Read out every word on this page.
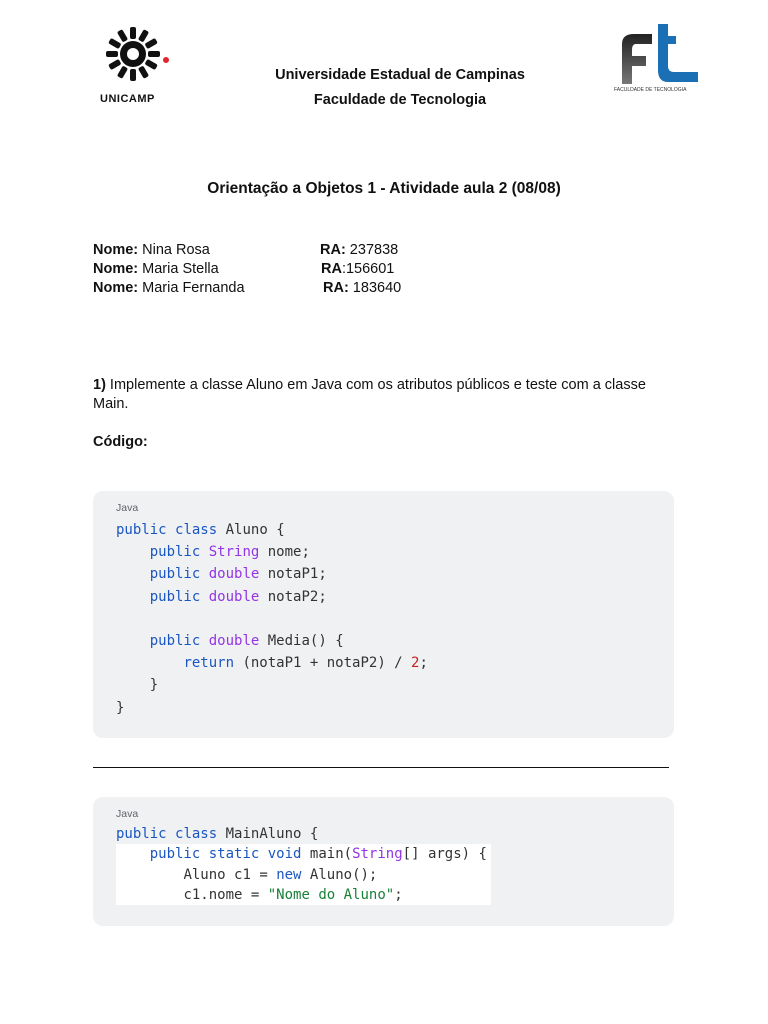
UNICAMP
Universidade Estadual de Campinas
Faculdade de Tecnologia
FACULDADE DE TECNOLOGIA
Orientação a Objetos 1 - Atividade aula 2 (08/08)
Nome: Nina Rosa	RA: 237838
Nome: Maria Stella	RA:156601
Nome: Maria Fernanda	RA: 183640
1) Implemente a classe Aluno em Java com os atributos públicos e teste com a classe Main.
Código:
Java
public class Aluno {
public String nome;
public double notaP1;
public double notaP2;

public double Media() {
return (notaP1 + notaP2) / 2;
}
}
Java
public class MainAluno {
public static void main(String[] args) {
Aluno c1 = new Aluno();
c1.nome = "Nome do Aluno";
